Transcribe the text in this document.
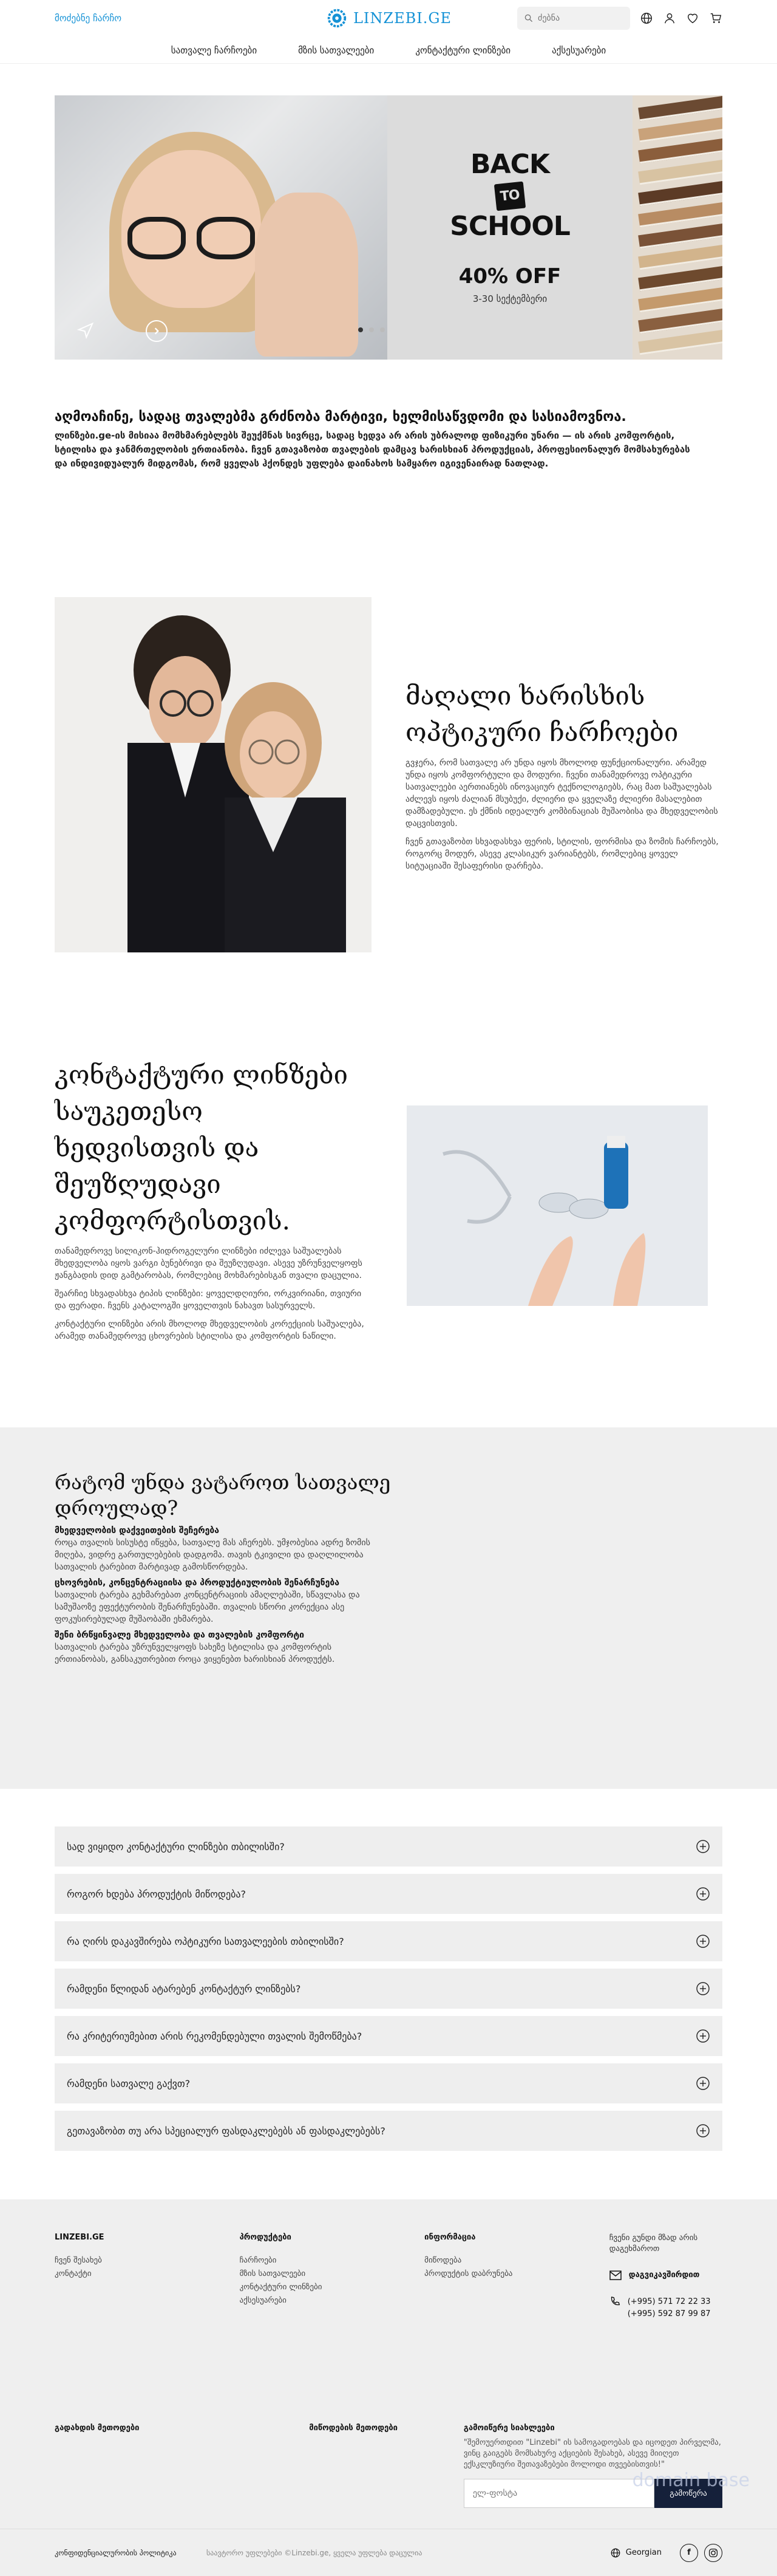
მოძებნე ჩარჩო	LINZEBI.GE
ძებნა
სათვალე ჩარჩოები	მზის სათვალეები	კონტაქტური ლინზები	აქსესუარები
BACK
TO
SCHOOL
40% OFF
3-30 სექტემბერი
აღმოაჩინე, სადაც თვალებმა გრძნობა მარტივი, ხელმისაწვდომი და სასიამოვნოა.

ლინზები.ge-ის მისიაა მომხმარებლებს შეუქმნას სივრცე, სადაც ხედვა არ არის უბრალოდ ფიზიკური უნარი — ის არის კომფორტის, სტილისა და ჯანმრთელობის ერთიანობა. ჩვენ გთავაზობთ თვალების დამცავ ხარისხიან პროდუქციას, პროფესიონალურ მომსახურებას და ინდივიდუალურ მიდგომას, რომ ყველას ჰქონდეს უფლება დაინახოს სამყარო იგივენაირად ნათლად.

მაღალი ხარისხის ოპტიკური ჩარჩოები

გვჯერა, რომ სათვალე არ უნდა იყოს მხოლოდ ფუნქციონალური. არამედ უნდა იყოს კომფორტული და მოდური. ჩვენი თანამედროვე ოპტიკური სათვალეები აერთიანებს ინოვაციურ ტექნოლოგიებს, რაც მათ საშუალებას აძლევს იყოს ძალიან მსუბუქი, ძლიერი და ყველაზე ძლიერი მასალებით დამზადებული. ეს ქმნის იდეალურ კომბინაციას მუშაობისა და მხედველობის დაცვისთვის.

ჩვენ გთავაზობთ სხვადასხვა ფერის, სტილის, ფორმისა და ზომის ჩარჩოებს, როგორც მოდურ, ასევე კლასიკურ ვარიანტებს, რომლებიც ყოველ სიტუაციაში შესაფერისი დარჩება.

კონტაქტური ლინზები საუკეთესო ხედვისთვის და შეუზღუდავი კომფორტისთვის.

თანამედროვე სილიკონ-ჰიდროგელური ლინზები იძლევა საშუალებას მხედველობა იყოს ვარგი ბუნებრივი და შეუზღუდავი. ასევე უზრუნველყოფს ჟანგბადის დიდ გამტარობას, რომლებიც მოხმარებისგან თვალი დაცულია.

შეარჩიე სხვადასხვა ტიპის ლინზები: ყოველდღიური, ორკვირიანი, თვიური და ფერადი. ჩვენს კატალოგში ყოველთვის ნახავთ სასურველს.

კონტაქტური ლინზები არის მხოლოდ მხედველობის კორექციის საშუალება, არამედ თანამედროვე ცხოვრების სტილისა და კომფორტის ნაწილი.

რატომ უნდა ვატაროთ სათვალე დროულად?
მხედველობის დაქვეითების შეჩერება

როცა თვალის სისუსტე იწყება, სათვალე მას აჩერებს. უმჯობესია ადრე ზომის მიღება, ვიდრე გართულებების დადგომა. თავის ტკივილი და დაღლილობა სათვალის ტარებით მარტივად გამოსწორდება.

ცხოვრების, კონცენტრაციისა და პროდუქტიულობის შენარჩუნება

სათვალის ტარება გეხმარებათ კონცენტრაციის ამაღლებაში, სწავლასა და სამუშაოზე ეფექტურობის შენარჩუნებაში. თვალის სწორი კორექცია ასე ფოკუსირებულად მუშაობაში ეხმარება.

შენი ბრწყინვალე მხედველობა და თვალების კომფორტი

სათვალის ტარება უზრუნველყოფს სახეზე სტილისა და კომფორტის ერთიანობას, განსაკუთრებით როცა ვიყენებთ ხარისხიან პროდუქტს.

სად ვიყიდო კონტაქტური ლინზები თბილისში?
როგორ ხდება პროდუქტის მიწოდება?
რა ღირს დაკავშირება ოპტიკური სათვალეების თბილისში?
რამდენი წლიდან ატარებენ კონტაქტურ ლინზებს?
რა კრიტერიუმებით არის რეკომენდებული თვალის შემოწმება?
რამდენი სათვალე გაქვთ?
გეთავაზობთ თუ არა სპეციალურ ფასდაკლებებს ან ფასდაკლებებს?
LINZEBI.GE
ჩვენ შესახებ
კონტაქტი
პროდუქტები
ჩარჩოები
მზის სათვალეები
კონტაქტური ლინზები
აქსესუარები
ინფორმაცია
მიწოდება
პროდუქტის დაბრუნება

ჩვენი გუნდი მზად არის დაგეხმაროთ

დაგვიკავშირდით
(+995) 571 72 22 33
(+995) 592 87 99 87
გადახდის მეთოდები	მიწოდების მეთოდები	გამოიწერე სიახლეები

"შემოუერთდით "Linzebi" ის სამოგადოებას და იცოდეთ პირველმა, ვინც გაიგებს მომსახურე აქციების შესახებ, ასევე მიიღეთ ექსკლუზიური შეთავაზებები მოლოდი თვეებისთვის!"

ელ-ფოსტა
გამოწერა
domain base
კონფიდენციალურობის პოლიტიკა	საავტორო უფლებები ©Linzebi.ge, ყველა უფლება დაცულია	Georgian	f
